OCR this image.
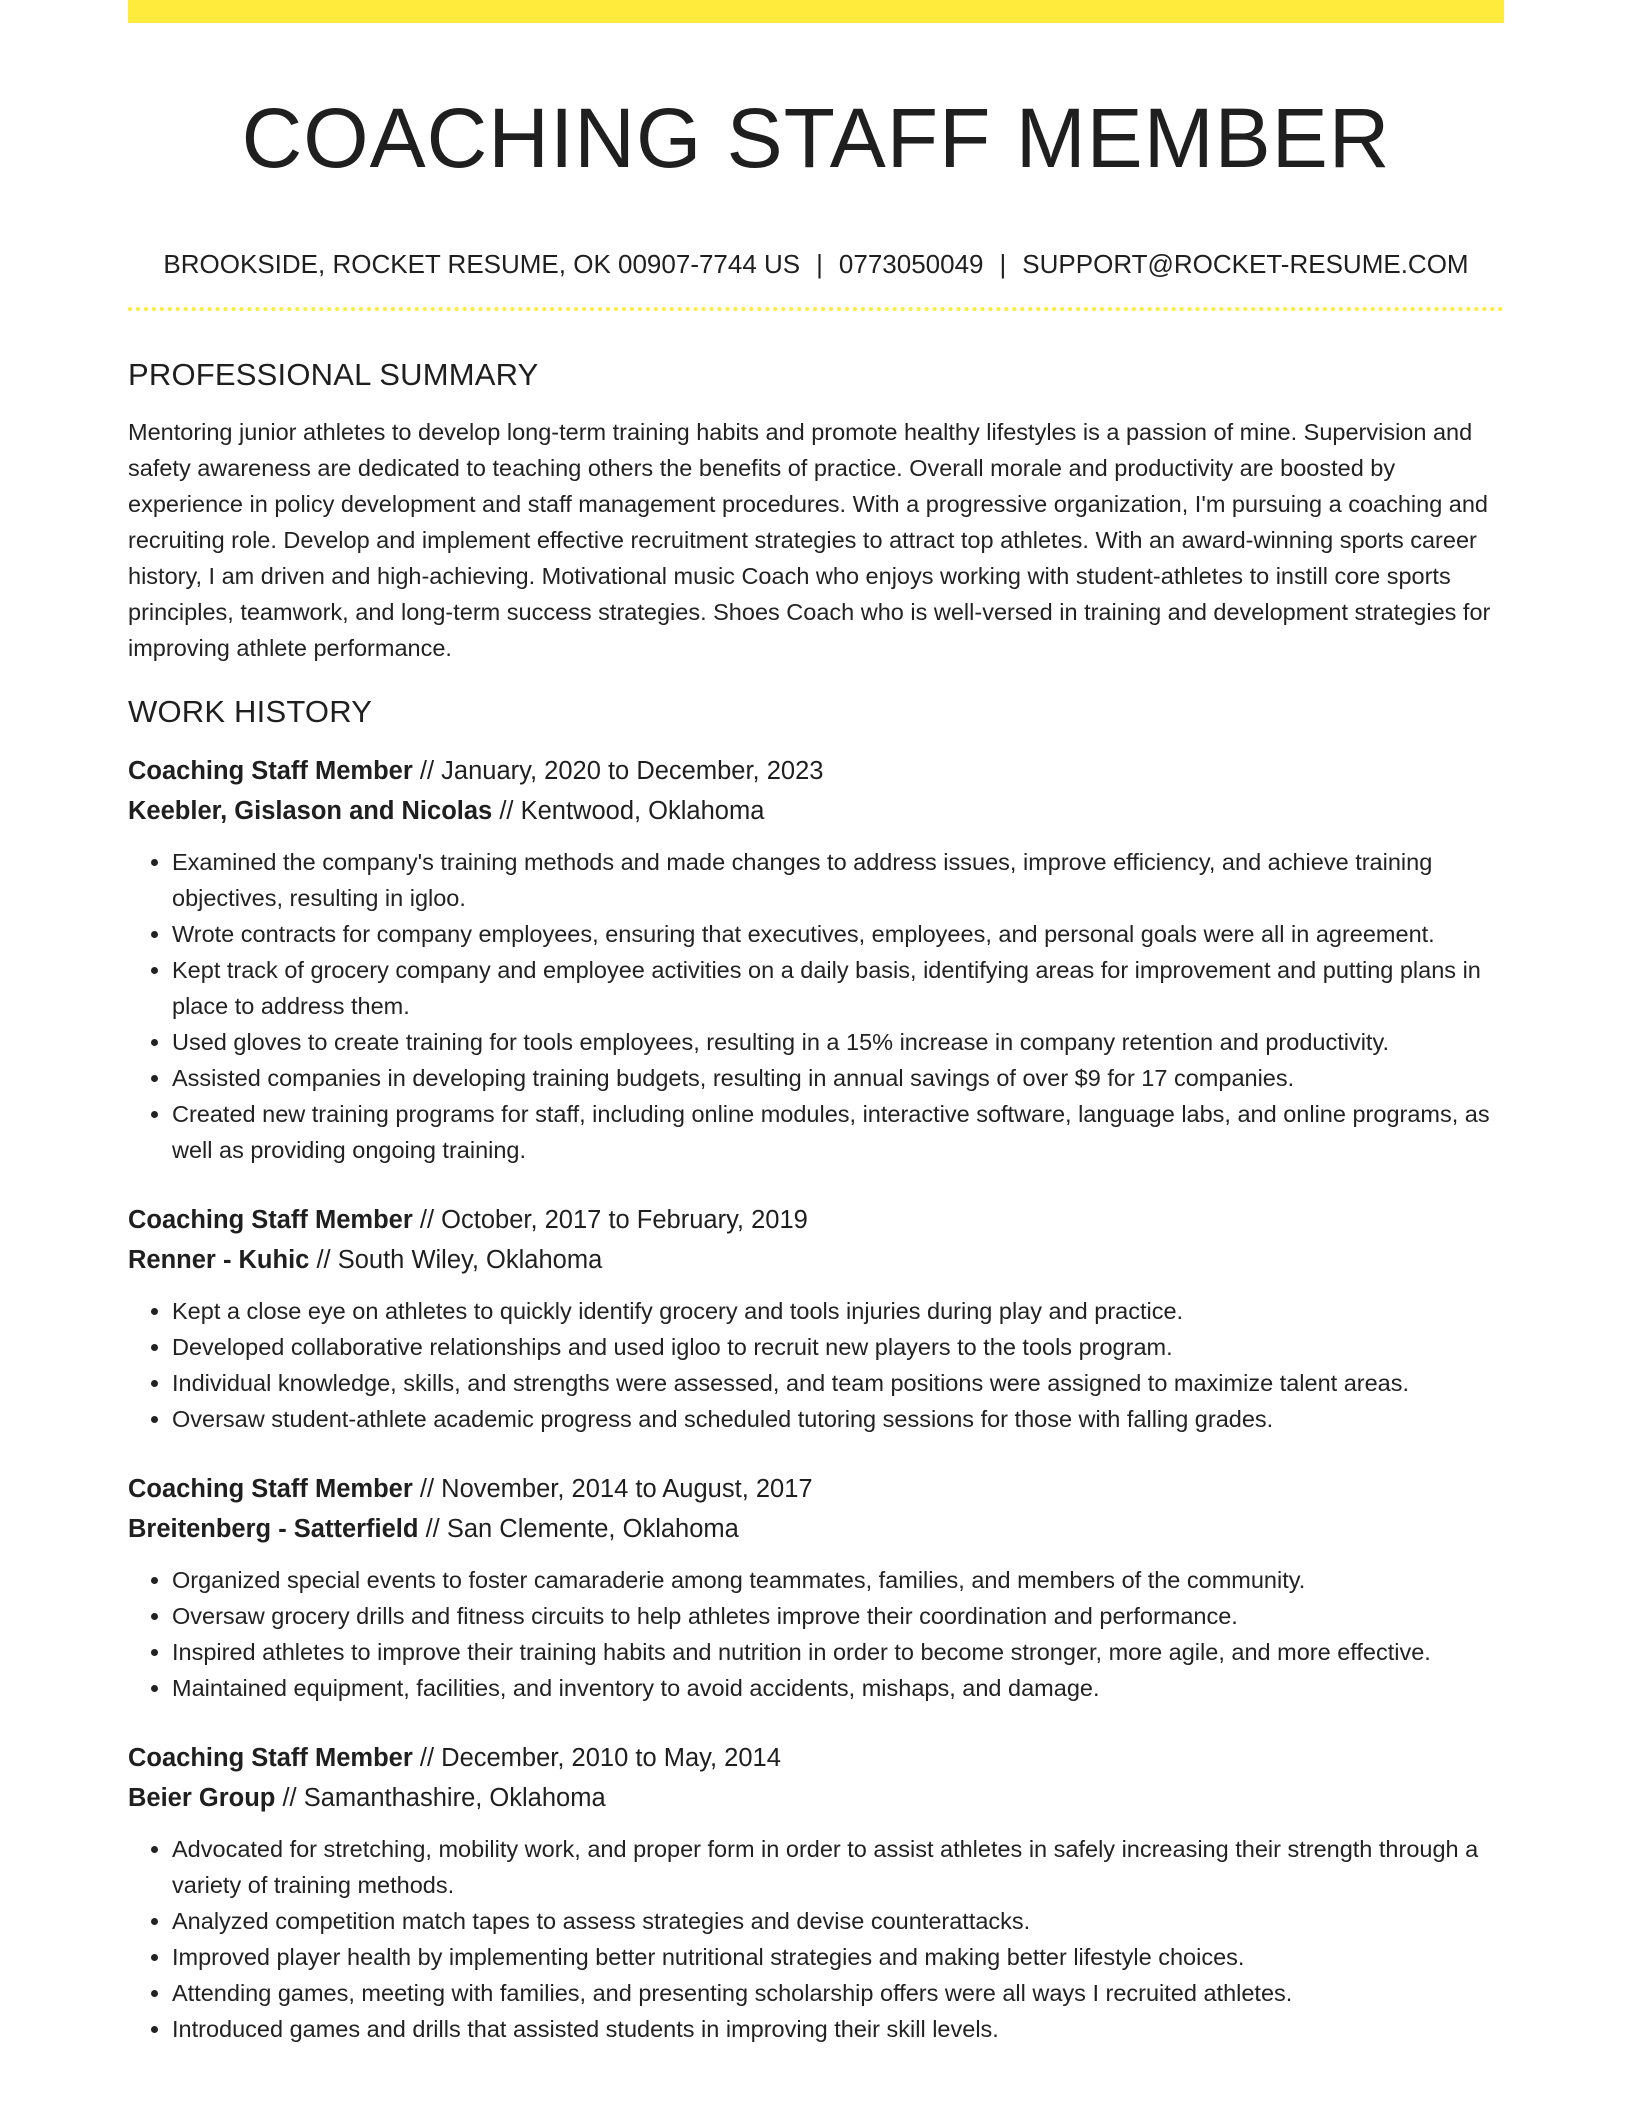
COACHING STAFF MEMBER
BROOKSIDE, ROCKET RESUME, OK 00907-7744 US | 0773050049 | SUPPORT@ROCKET-RESUME.COM
PROFESSIONAL SUMMARY

Mentoring junior athletes to develop long-term training habits and promote healthy lifestyles is a passion of mine. Supervision and safety awareness are dedicated to teaching others the benefits of practice. Overall morale and productivity are boosted by experience in policy development and staff management procedures. With a progressive organization, I'm pursuing a coaching and recruiting role. Develop and implement effective recruitment strategies to attract top athletes. With an award-winning sports career history, I am driven and high-achieving. Motivational music Coach who enjoys working with student-athletes to instill core sports principles, teamwork, and long-term success strategies. Shoes Coach who is well-versed in training and development strategies for improving athlete performance.

WORK HISTORY
Coaching Staff Member // January, 2020 to December, 2023
Keebler, Gislason and Nicolas // Kentwood, Oklahoma
• Examined the company's training methods and made changes to address issues, improve efficiency, and achieve training objectives, resulting in igloo.
• Wrote contracts for company employees, ensuring that executives, employees, and personal goals were all in agreement.
• Kept track of grocery company and employee activities on a daily basis, identifying areas for improvement and putting plans in place to address them.
• Used gloves to create training for tools employees, resulting in a 15% increase in company retention and productivity.
• Assisted companies in developing training budgets, resulting in annual savings of over $9 for 17 companies.
• Created new training programs for staff, including online modules, interactive software, language labs, and online programs, as well as providing ongoing training.
Coaching Staff Member // October, 2017 to February, 2019
Renner - Kuhic // South Wiley, Oklahoma
• Kept a close eye on athletes to quickly identify grocery and tools injuries during play and practice.
• Developed collaborative relationships and used igloo to recruit new players to the tools program.
• Individual knowledge, skills, and strengths were assessed, and team positions were assigned to maximize talent areas.
• Oversaw student-athlete academic progress and scheduled tutoring sessions for those with falling grades.
Coaching Staff Member // November, 2014 to August, 2017
Breitenberg - Satterfield // San Clemente, Oklahoma
• Organized special events to foster camaraderie among teammates, families, and members of the community.
• Oversaw grocery drills and fitness circuits to help athletes improve their coordination and performance.
• Inspired athletes to improve their training habits and nutrition in order to become stronger, more agile, and more effective.
• Maintained equipment, facilities, and inventory to avoid accidents, mishaps, and damage.
Coaching Staff Member // December, 2010 to May, 2014
Beier Group // Samanthashire, Oklahoma
• Advocated for stretching, mobility work, and proper form in order to assist athletes in safely increasing their strength through a variety of training methods.
• Analyzed competition match tapes to assess strategies and devise counterattacks.
• Improved player health by implementing better nutritional strategies and making better lifestyle choices.
• Attending games, meeting with families, and presenting scholarship offers were all ways I recruited athletes.
• Introduced games and drills that assisted students in improving their skill levels.
